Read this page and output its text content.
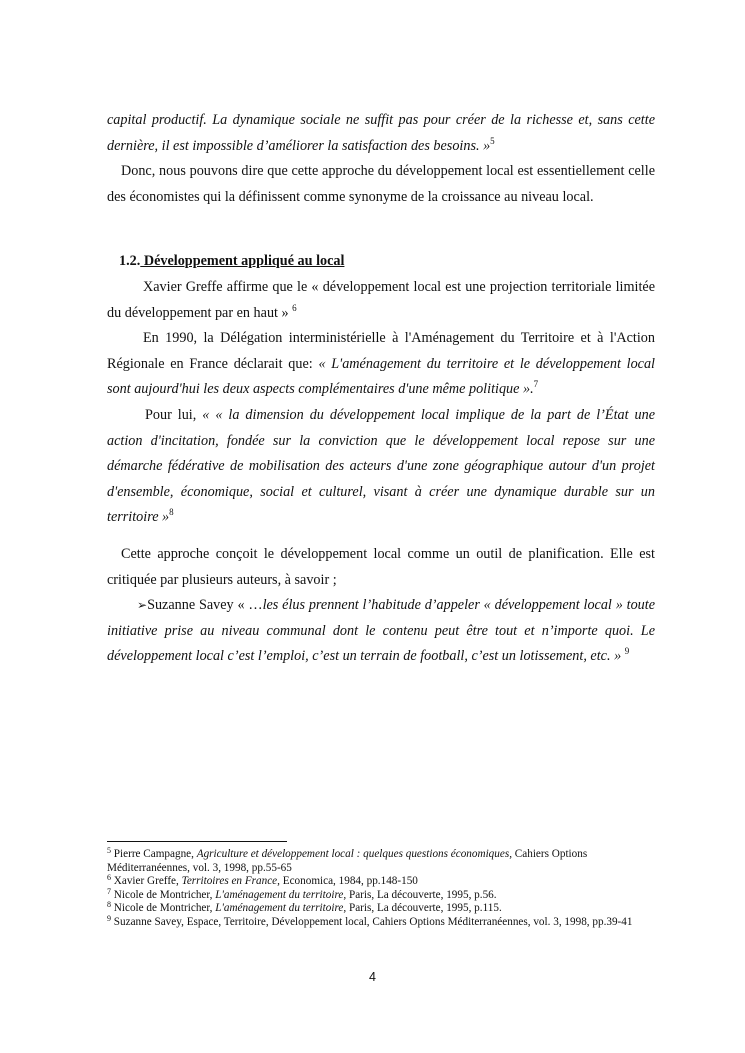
capital productif. La dynamique sociale ne suffit pas pour créer de la richesse et, sans cette dernière, il est impossible d’améliorer la satisfaction des besoins. »$^5$

Donc, nous pouvons dire que cette approche du développement local est essentiellement celle des économistes qui la définissent comme synonyme de la croissance au niveau local.

1.2. Développement appliqué au local

Xavier Greffe affirme que le « développement local est une projection territoriale limitée du développement par en haut » $^6$

En 1990, la Délégation interministérielle à l'Aménagement du Territoire et à l'Action Régionale en France déclarait que: « L'aménagement du territoire et le développement local sont aujourd'hui les deux aspects complémentaires d'une même politique ».$^7$

Pour lui, « « la dimension du développement local implique de la part de l’État une action d'incitation, fondée sur la conviction que le développement local repose sur une démarche fédérative de mobilisation des acteurs d'une zone géographique autour d'un projet d'ensemble, économique, social et culturel, visant à créer une dynamique durable sur un territoire »$^8$

Cette approche conçoit le développement local comme un outil de planification. Elle est critiquée par plusieurs auteurs, à savoir ;

➢Suzanne Savey « …les élus prennent l’habitude d’appeler « développement local » toute initiative prise au niveau communal dont le contenu peut être tout et n’importe quoi. Le développement local c’est l’emploi, c’est un terrain de football, c’est un lotissement, etc. » $^9$

$^5$ Pierre Campagne, Agriculture et développement local : quelques questions économiques, Cahiers Options Méditerranéennes, vol. 3, 1998, pp.55-65

$^6$ Xavier Greffe, Territoires en France, Economica, 1984, pp.148-150

$^7$ Nicole de Montricher, L'aménagement du territoire, Paris, La découverte, 1995, p.56.

$^8$ Nicole de Montricher, L'aménagement du territoire, Paris, La découverte, 1995, p.115.

$^9$ Suzanne Savey, Espace, Territoire, Développement local, Cahiers Options Méditerranéennes, vol. 3, 1998, pp.39-41

4
